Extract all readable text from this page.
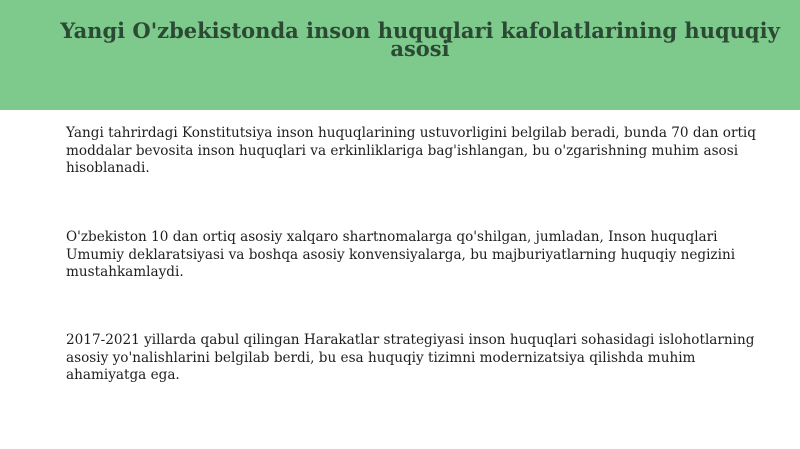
Yangi O'zbekistonda inson huquqlari kafolatlarining huquqiy asosi

Yangi tahrirdagi Konstitutsiya inson huquqlarining ustuvorligini belgilab beradi, bunda 70 dan ortiq moddalar bevosita inson huquqlari va erkinliklariga bag'ishlangan, bu o'zgarishning muhim asosi hisoblanadi.

O'zbekiston 10 dan ortiq asosiy xalqaro shartnomalarga qo'shilgan, jumladan, Inson huquqlari Umumiy deklaratsiyasi va boshqa asosiy konvensiyalarga, bu majburiyatlarning huquqiy negizini mustahkamlaydi.

2017-2021 yillarda qabul qilingan Harakatlar strategiyasi inson huquqlari sohasidagi islohotlarning asosiy yo'nalishlarini belgilab berdi, bu esa huquqiy tizimni modernizatsiya qilishda muhim ahamiyatga ega.
